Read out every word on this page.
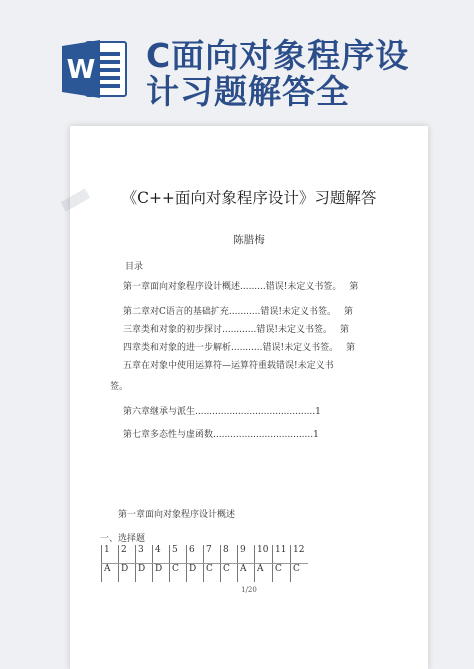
W C面向对象程序设
计习题解答全
████	《C++面向对象程序设计》习题解答
陈腊梅
目录
第一章面向对象程序设计概述.........错误!未定义书签。 第
第二章对C语言的基础扩充...........错误!未定义书签。 第
三章类和对象的初步探讨............错误!未定义书签。 第
四章类和对象的进一步解析...........错误!未定义书签。 第
五章在对象中使用运算符—运算符重载错误!未定义书
签。
第六章继承与派生..........................................1
第七章多态性与虚函数...................................1
第一章面向对象程序设计概述
一、选择题
1	2	3	4	5	6	7	8	9	10	11	12
A	D	D	D	C	D	C	C	A	A	C	C
1/20
